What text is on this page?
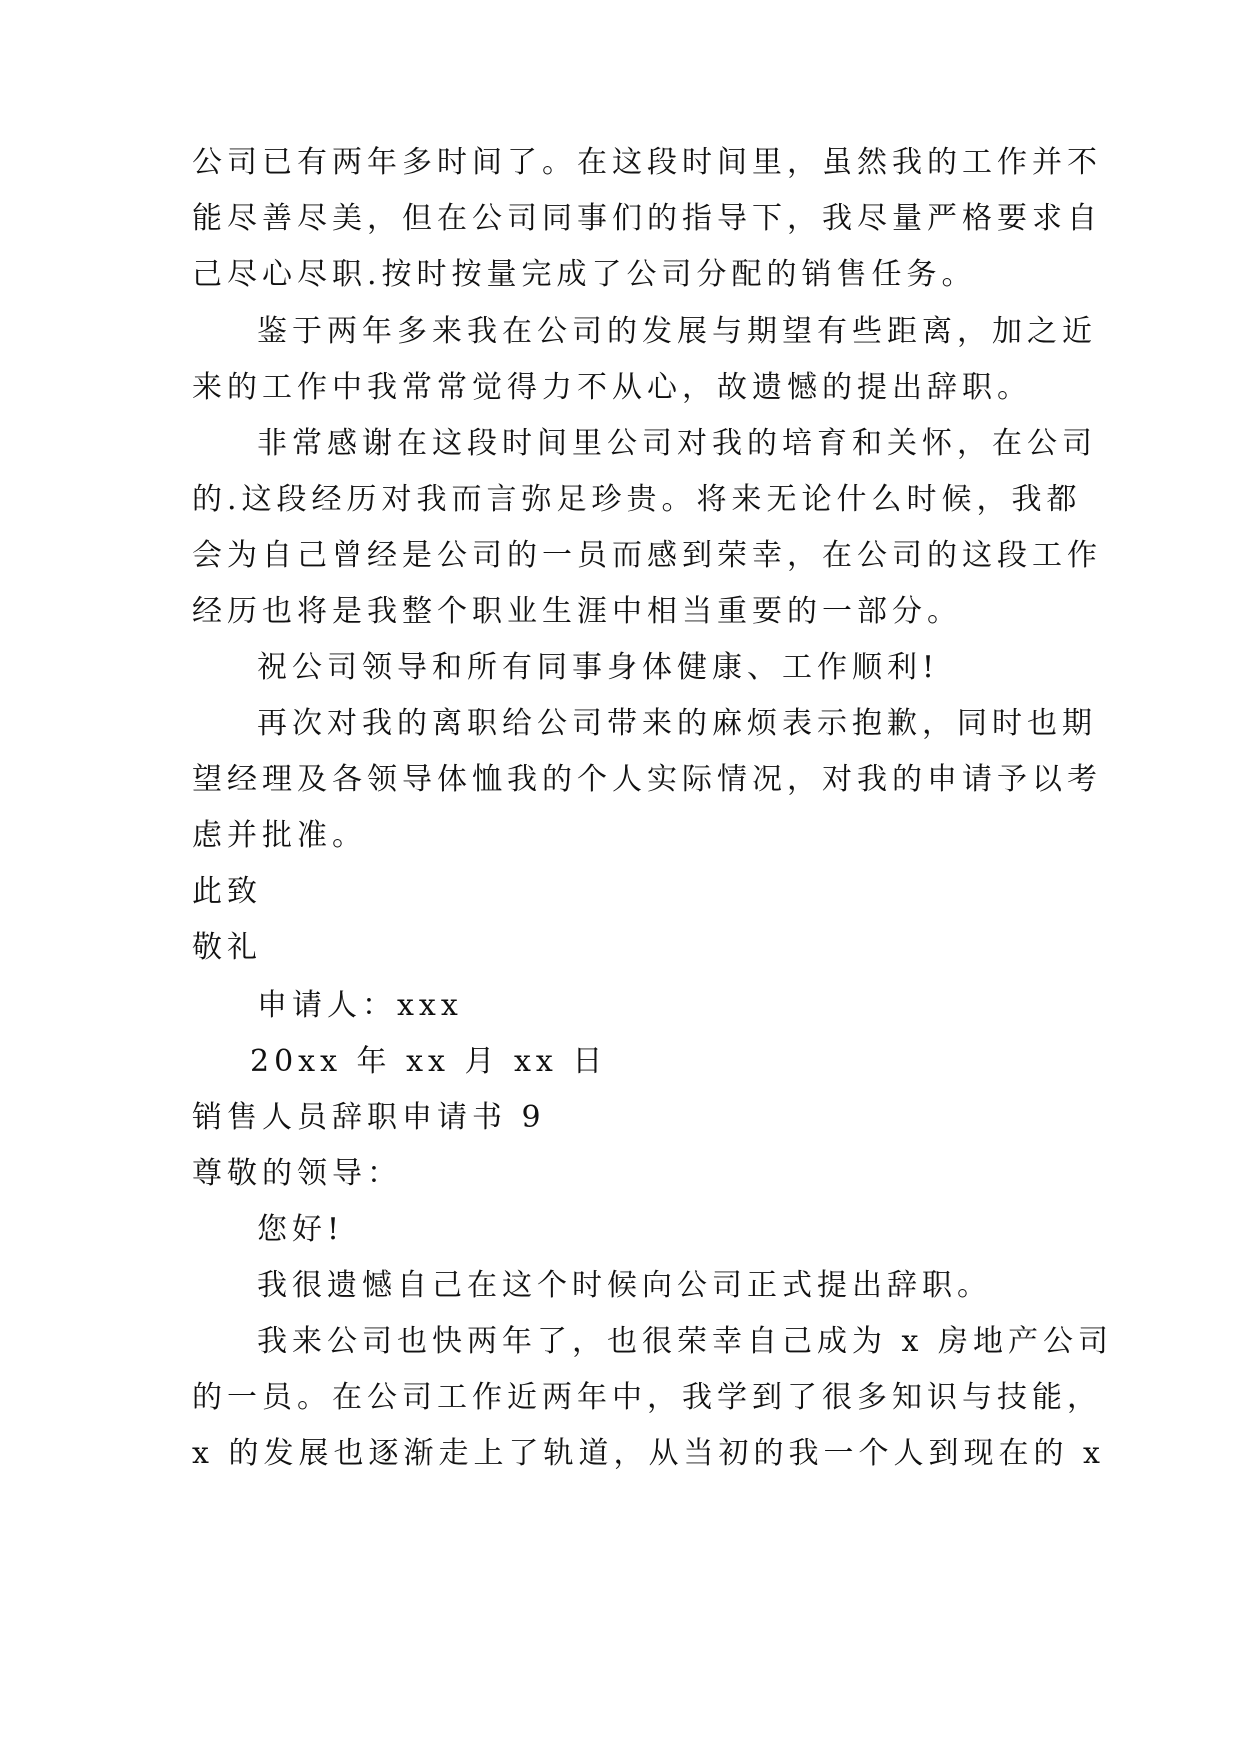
公司已有两年多时间了。在这段时间里，虽然我的工作并不
能尽善尽美，但在公司同事们的指导下，我尽量严格要求自
己尽心尽职.按时按量完成了公司分配的销售任务。
鉴于两年多来我在公司的发展与期望有些距离，加之近
来的工作中我常常觉得力不从心，故遗憾的提出辞职。
非常感谢在这段时间里公司对我的培育和关怀，在公司
的.这段经历对我而言弥足珍贵。将来无论什么时候，我都
会为自己曾经是公司的一员而感到荣幸，在公司的这段工作
经历也将是我整个职业生涯中相当重要的一部分。
祝公司领导和所有同事身体健康、工作顺利!
再次对我的离职给公司带来的麻烦表示抱歉，同时也期
望经理及各领导体恤我的个人实际情况，对我的申请予以考
虑并批准。
此致
敬礼
申请人：xxx
20xx 年 xx 月 xx 日
销售人员辞职申请书 9
尊敬的领导：
您好!
我很遗憾自己在这个时候向公司正式提出辞职。
我来公司也快两年了，也很荣幸自己成为 x 房地产公司
的一员。在公司工作近两年中，我学到了很多知识与技能，
x 的发展也逐渐走上了轨道，从当初的我一个人到现在的 x
